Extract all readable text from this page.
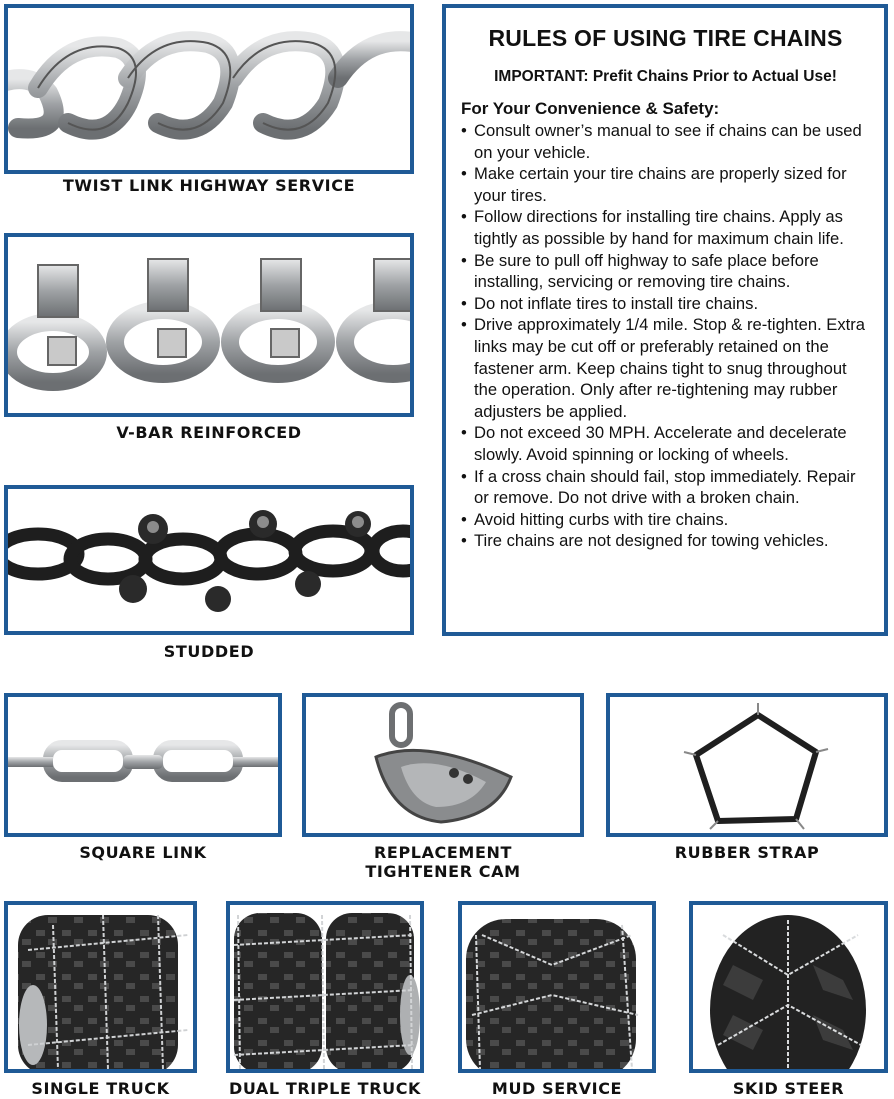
TWIST LINK HIGHWAY SERVICE
V-BAR REINFORCED
STUDDED
RULES OF USING TIRE CHAINS
IMPORTANT: Prefit Chains Prior to Actual Use!
For Your Convenience & Safety:
• Consult owner’s manual to see if chains can be used on your vehicle.
• Make certain your tire chains are properly sized for your tires.
• Follow directions for installing tire chains. Apply as tightly as possible by hand for maximum chain life.
• Be sure to pull off highway to safe place before installing, servicing or removing tire chains.
• Do not inflate tires to install tire chains.
• Drive approximately 1/4 mile. Stop & re-tighten. Extra links may be cut off or preferably retained on the fastener arm. Keep chains tight to snug throughout the operation. Only after re-tightening may rubber adjusters be applied.
• Do not exceed 30 MPH. Accelerate and decelerate slowly. Avoid spinning or locking of wheels.
• If a cross chain should fail, stop immediately. Repair or remove. Do not drive with a broken chain.
• Avoid hitting curbs with tire chains.
• Tire chains are not designed for towing vehicles.
SQUARE LINK	REPLACEMENT
TIGHTENER CAM
RUBBER STRAP
SINGLE TRUCK	DUAL TRIPLE TRUCK	MUD SERVICE	SKID STEER
